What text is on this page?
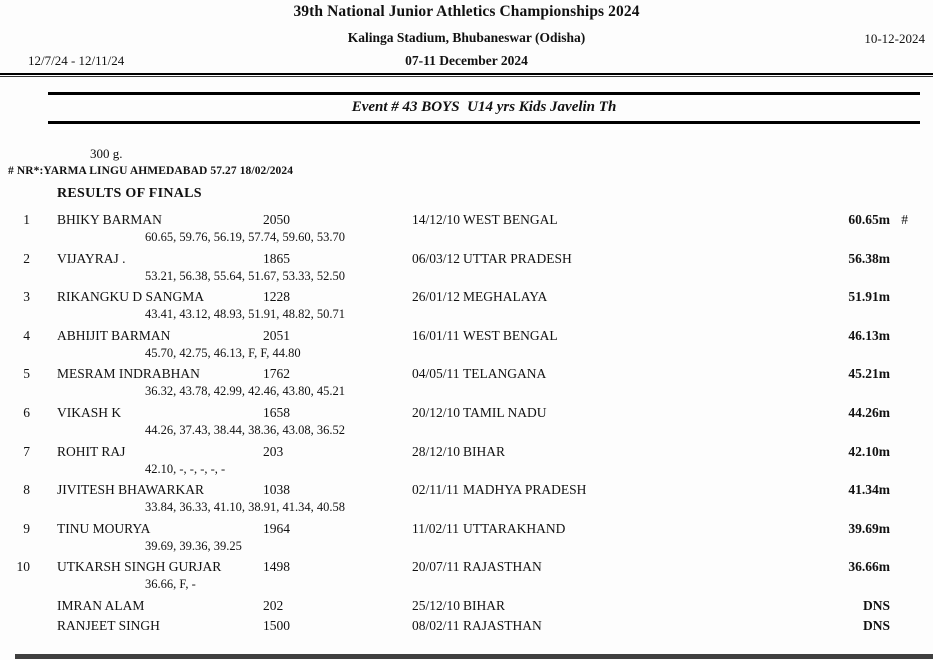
39th National Junior Athletics Championships 2024
Kalinga Stadium, Bhubaneswar (Odisha)	10-12-2024
12/7/24 - 12/11/24	07-11 December 2024
Event # 43 BOYS  U14 yrs Kids Javelin Th
300 g.
# NR*:YARMA LINGU AHMEDABAD 57.27 18/02/2024
RESULTS OF FINALS
1 BHIKY BARMAN	2050	14/12/10 WEST BENGAL	60.65m #
60.65, 59.76, 56.19, 57.74, 59.60, 53.70
2 VIJAYRAJ .	1865	06/03/12 UTTAR PRADESH	56.38m
53.21, 56.38, 55.64, 51.67, 53.33, 52.50
3 RIKANGKU D SANGMA	1228	26/01/12 MEGHALAYA	51.91m
43.41, 43.12, 48.93, 51.91, 48.82, 50.71
4 ABHIJIT BARMAN	2051	16/01/11 WEST BENGAL	46.13m
45.70, 42.75, 46.13, F, F, 44.80
5 MESRAM INDRABHAN	1762	04/05/11 TELANGANA	45.21m
36.32, 43.78, 42.99, 42.46, 43.80, 45.21
6 VIKASH K	1658	20/12/10 TAMIL NADU	44.26m
44.26, 37.43, 38.44, 38.36, 43.08, 36.52
7 ROHIT RAJ	203	28/12/10 BIHAR	42.10m
42.10, -, -, -, -, -
8 JIVITESH BHAWARKAR	1038	02/11/11 MADHYA PRADESH	41.34m
33.84, 36.33, 41.10, 38.91, 41.34, 40.58
9 TINU MOURYA	1964	11/02/11 UTTARAKHAND	39.69m
39.69, 39.36, 39.25
10 UTKARSH SINGH GURJAR	1498	20/07/11 RAJASTHAN	36.66m
36.66, F, -
IMRAN ALAM	202	25/12/10 BIHAR	DNS
RANJEET SINGH	1500	08/02/11 RAJASTHAN	DNS
